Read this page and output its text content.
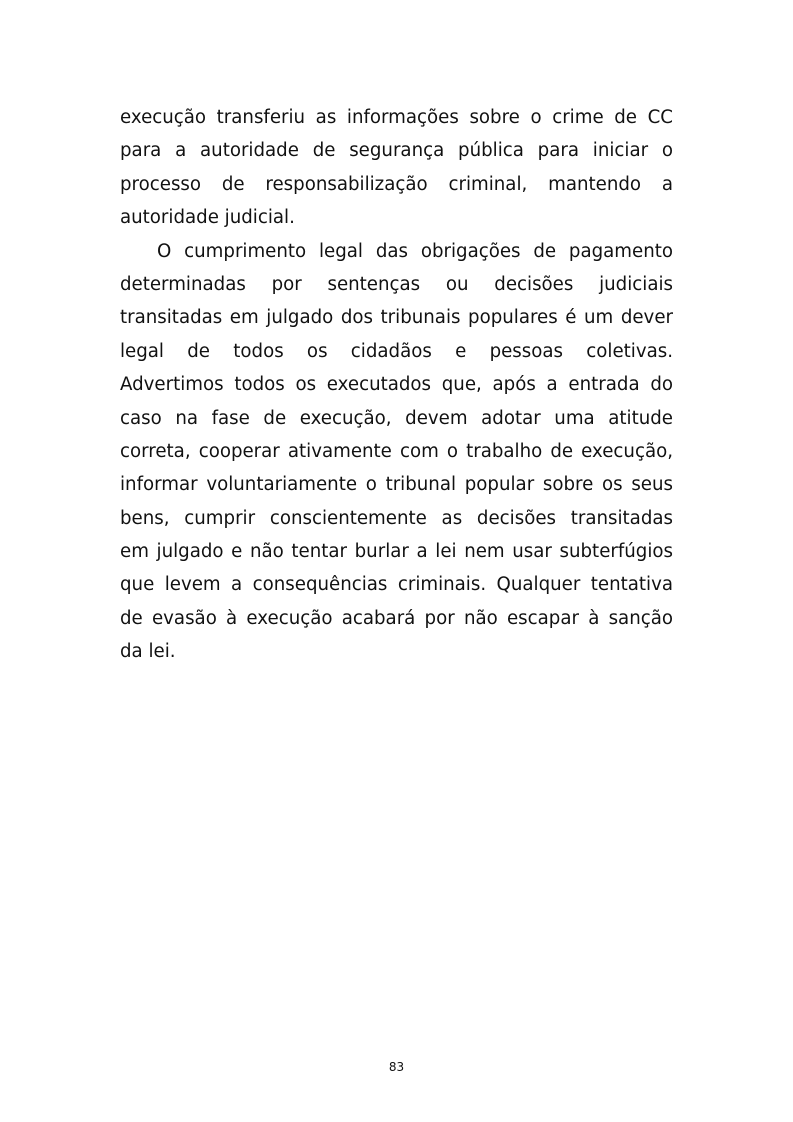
execução transferiu as informações sobre o crime de CC
para a autoridade de segurança pública para iniciar o
processo de responsabilização criminal, mantendo a
autoridade judicial.
O cumprimento legal das obrigações de pagamento
determinadas por sentenças ou decisões judiciais
transitadas em julgado dos tribunais populares é um dever
legal de todos os cidadãos e pessoas coletivas.
Advertimos todos os executados que, após a entrada do
caso na fase de execução, devem adotar uma atitude
correta, cooperar ativamente com o trabalho de execução,
informar voluntariamente o tribunal popular sobre os seus
bens, cumprir conscientemente as decisões transitadas
em julgado e não tentar burlar a lei nem usar subterfúgios
que levem a consequências criminais. Qualquer tentativa
de evasão à execução acabará por não escapar à sanção
da lei.
83
